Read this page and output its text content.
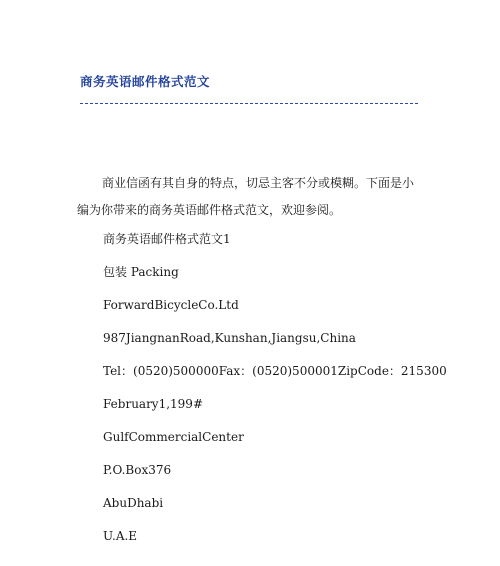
商务英语邮件格式范文

商业信函有其自身的特点，切忌主客不分或模糊。下面是小编为你带来的商务英语邮件格式范文，欢迎参阅。

商务英语邮件格式范文1
包装 Packing
ForwardBicycleCo.Ltd
987JiangnanRoad,Kunshan,Jiangsu,China
Tel：(0520)500000Fax：(0520)500001ZipCode：215300
February1,199#
GulfCommercialCenter
P.O.Box376
AbuDhabi
U.A.E
